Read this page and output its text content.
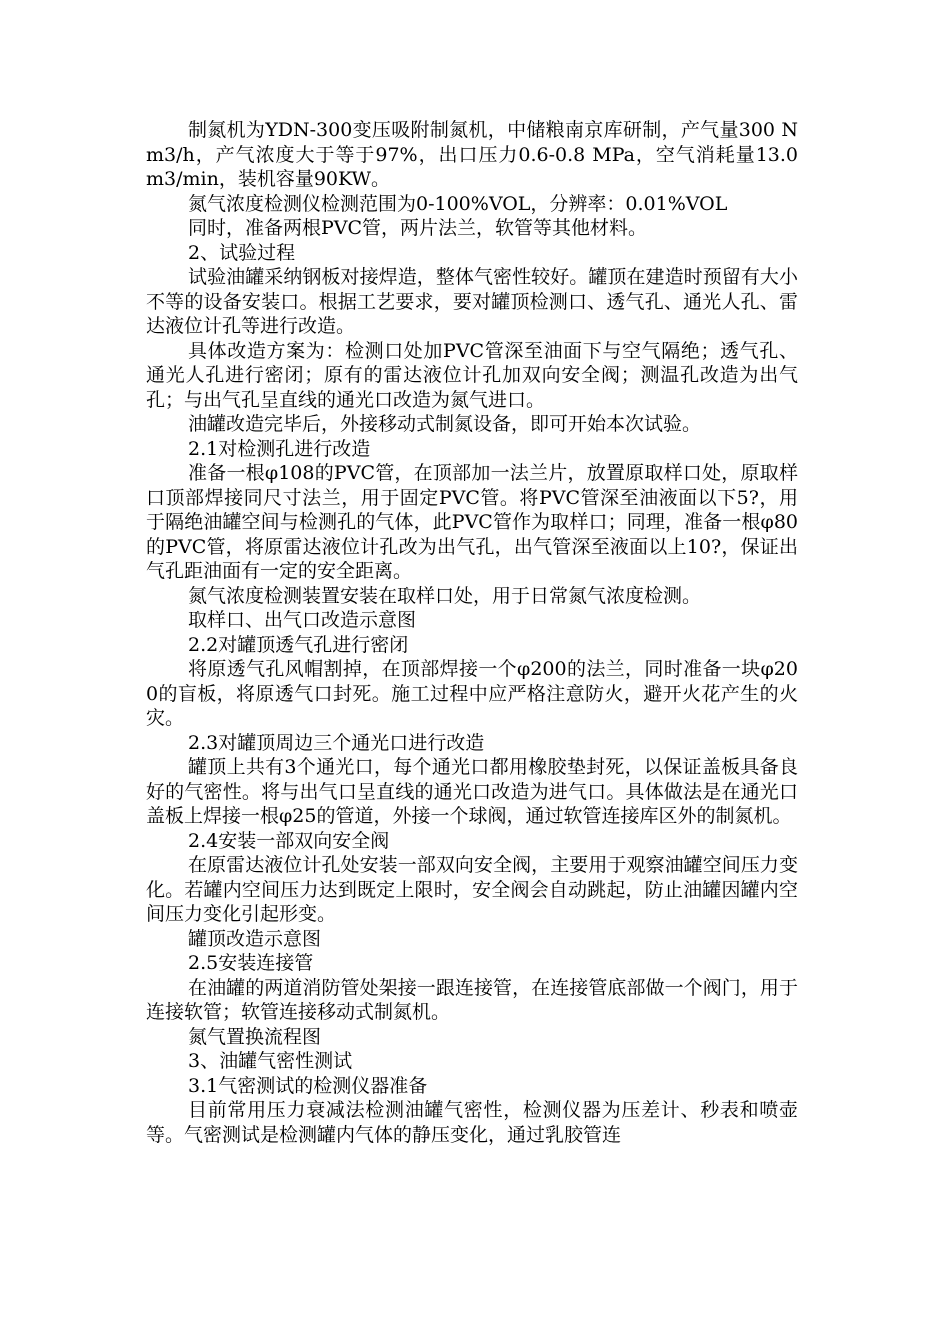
制氮机为YDN-300变压吸附制氮机，中储粮南京库研制，产气量300 Nm3/h，产气浓度大于等于97%，出口压力0.6-0.8 MPa，空气消耗量13.0 m3/min，装机容量90KW。

氮气浓度检测仪检测范围为0-100%VOL，分辨率：0.01%VOL

同时，准备两根PVC管，两片法兰，软管等其他材料。

2、试验过程

试验油罐采纳钢板对接焊造，整体气密性较好。罐顶在建造时预留有大小不等的设备安装口。根据工艺要求，要对罐顶检测口、透气孔、通光人孔、雷达液位计孔等进行改造。

具体改造方案为：检测口处加PVC管深至油面下与空气隔绝；透气孔、通光人孔进行密闭；原有的雷达液位计孔加双向安全阀；测温孔改造为出气孔；与出气孔呈直线的通光口改造为氮气进口。

油罐改造完毕后，外接移动式制氮设备，即可开始本次试验。

2.1对检测孔进行改造

准备一根φ108的PVC管，在顶部加一法兰片，放置原取样口处，原取样口顶部焊接同尺寸法兰，用于固定PVC管。将PVC管深至油液面以下5?，用于隔绝油罐空间与检测孔的气体，此PVC管作为取样口；同理，准备一根φ80的PVC管，将原雷达液位计孔改为出气孔，出气管深至液面以上10?，保证出气孔距油面有一定的安全距离。

氮气浓度检测装置安装在取样口处，用于日常氮气浓度检测。

取样口、出气口改造示意图

2.2对罐顶透气孔进行密闭

将原透气孔风帽割掉，在顶部焊接一个φ200的法兰，同时准备一块φ200的盲板，将原透气口封死。施工过程中应严格注意防火，避开火花产生的火灾。

2.3对罐顶周边三个通光口进行改造

罐顶上共有3个通光口，每个通光口都用橡胶垫封死，以保证盖板具备良好的气密性。将与出气口呈直线的通光口改造为进气口。具体做法是在通光口盖板上焊接一根φ25的管道，外接一个球阀，通过软管连接库区外的制氮机。

2.4安装一部双向安全阀

在原雷达液位计孔处安装一部双向安全阀，主要用于观察油罐空间压力变化。若罐内空间压力达到既定上限时，安全阀会自动跳起，防止油罐因罐内空间压力变化引起形变。

罐顶改造示意图

2.5安装连接管

在油罐的两道消防管处架接一跟连接管，在连接管底部做一个阀门，用于连接软管；软管连接移动式制氮机。

氮气置换流程图

3、油罐气密性测试

3.1气密测试的检测仪器准备

目前常用压力衰减法检测油罐气密性，检测仪器为压差计、秒表和喷壶等。气密测试是检测罐内气体的静压变化，通过乳胶管连
